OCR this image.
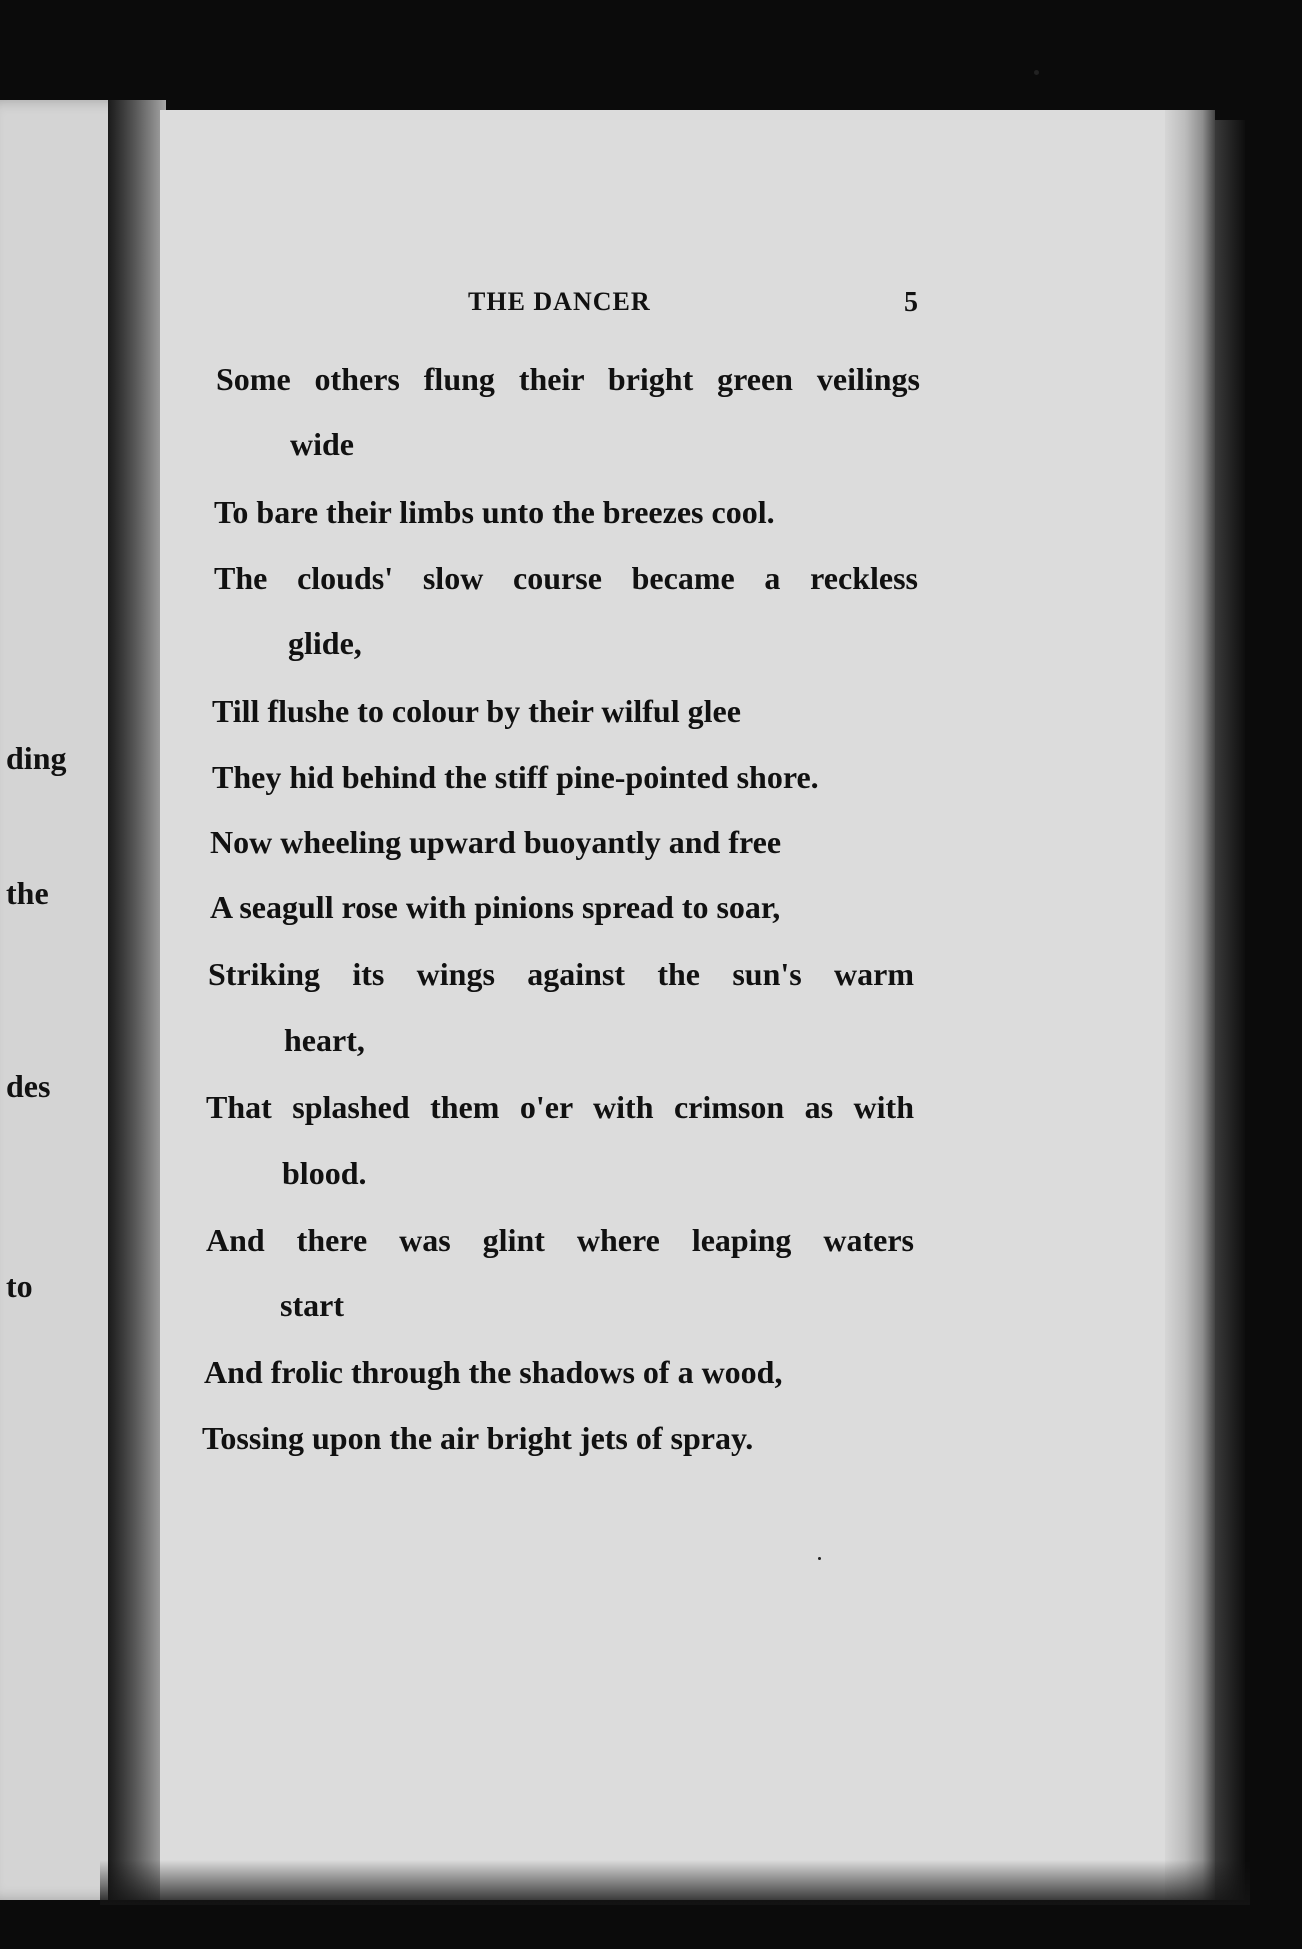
ding
the
des
to
THE DANCER	5
Some others flung their bright green veilings
wide
To bare their limbs unto the breezes cool.
The clouds' slow course became a reckless
glide,
Till flushe to colour by their wilful glee
They hid behind the stiff pine-pointed shore.
Now wheeling upward buoyantly and free
A seagull rose with pinions spread to soar,
Striking its wings against the sun's warm
heart,
That splashed them o'er with crimson as with
blood.
And there was glint where leaping waters
start
And frolic through the shadows of a wood,
Tossing upon the air bright jets of spray.
